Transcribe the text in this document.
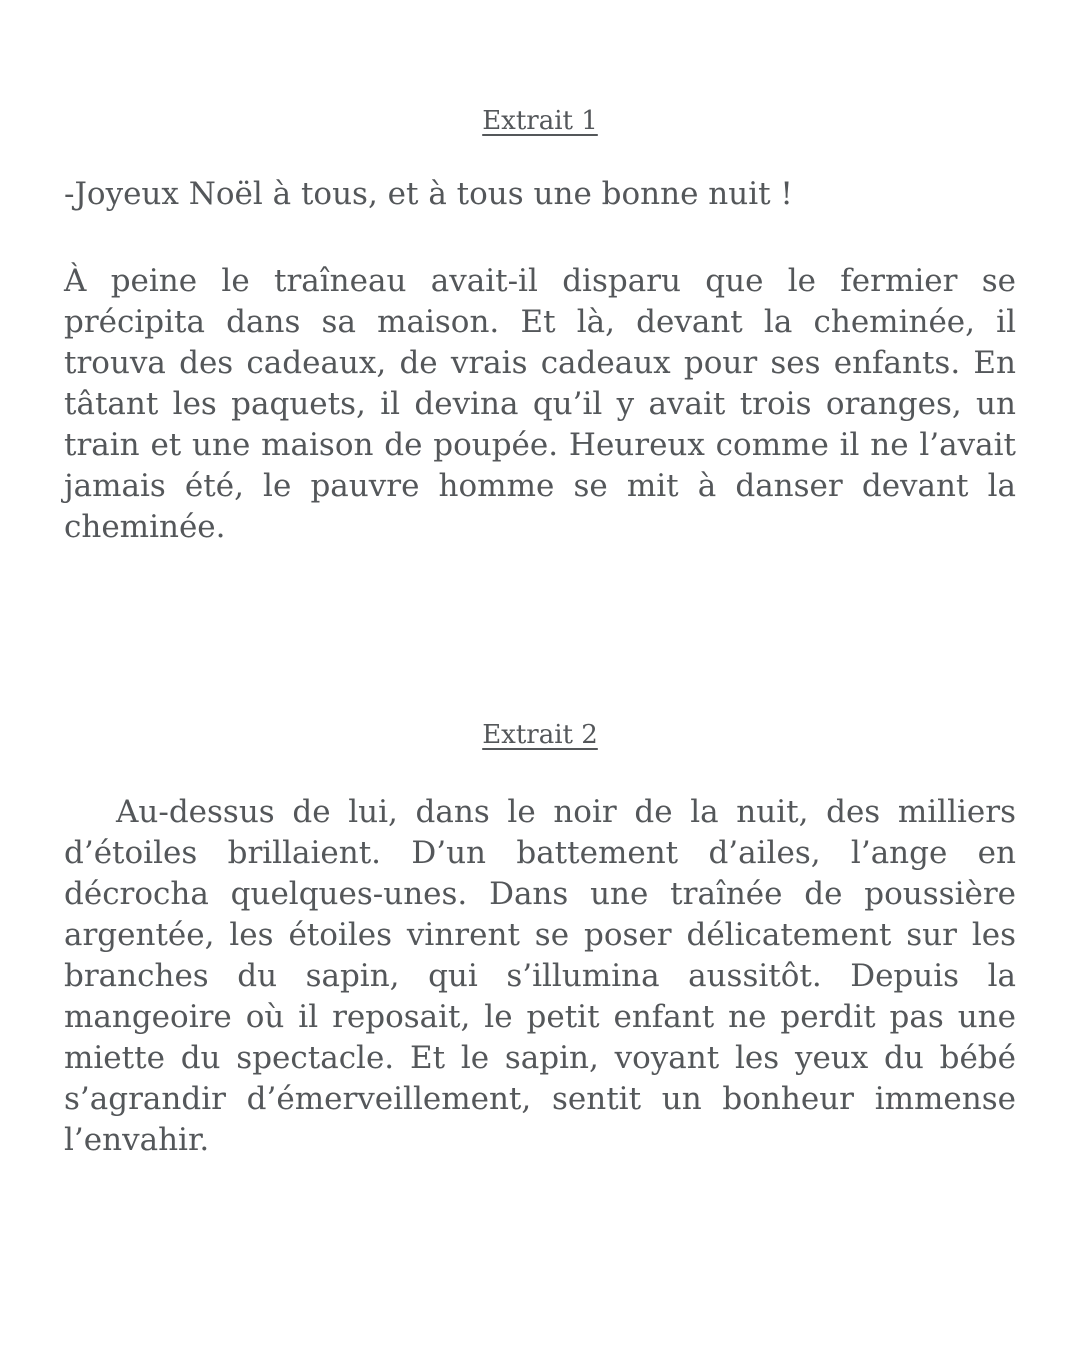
Extrait 1

-Joyeux Noël à tous, et à tous une bonne nuit !

À peine le traîneau avait-il disparu que le fermier se précipita dans sa maison. Et là, devant la cheminée, il trouva des cadeaux, de vrais cadeaux pour ses enfants. En tâtant les paquets, il devina qu’il y avait trois oranges, un train et une maison de poupée. Heureux comme il ne l’avait jamais été, le pauvre homme se mit à danser devant la cheminée.

Extrait 2

Au-dessus de lui, dans le noir de la nuit, des milliers d’étoiles brillaient. D’un battement d’ailes, l’ange en décrocha quelques-unes. Dans une traînée de poussière argentée, les étoiles vinrent se poser délicatement sur les branches du sapin, qui s’illumina aussitôt. Depuis la mangeoire où il reposait, le petit enfant ne perdit pas une miette du spectacle. Et le sapin, voyant les yeux du bébé s’agrandir d’émerveillement, sentit un bonheur immense l’envahir.
